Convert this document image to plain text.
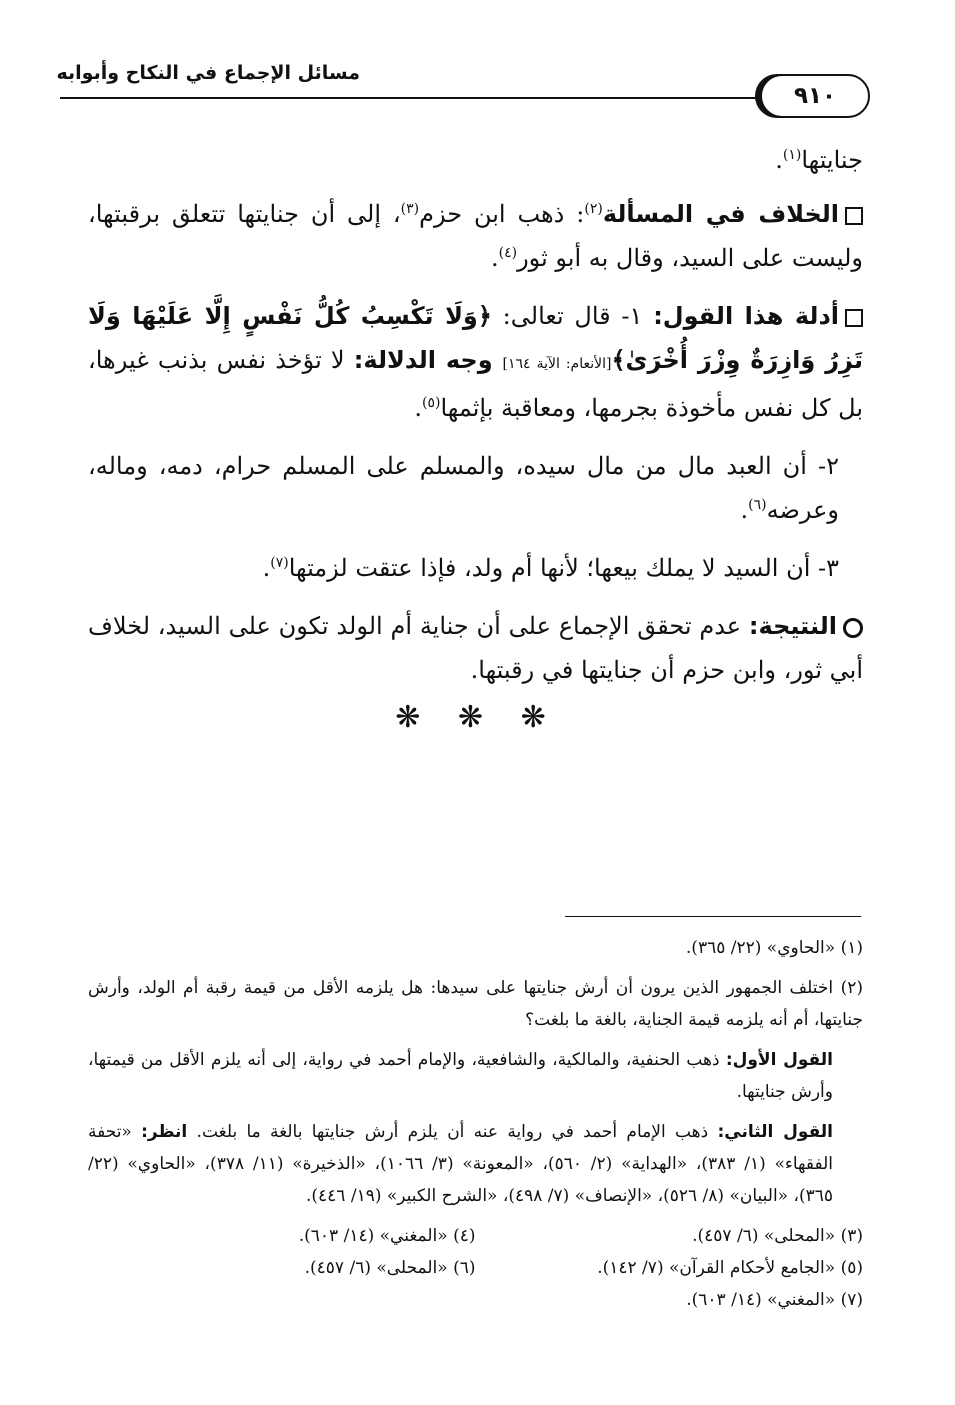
مسائل الإجماع في النكاح وأبوابه
٩١٠

جنايتها$^{(١)}$.

الخلاف في المسألة$^{(٢)}$: ذهب ابن حزم$^{(٣)}$، إلى أن جنايتها تتعلق برقبتها، وليست على السيد، وقال به أبو ثور$^{(٤)}$.

أدلة هذا القول: ١- قال تعالى: ﴿وَلَا تَكْسِبُ كُلُّ نَفْسٍ إِلَّا عَلَيْهَا وَلَا تَزِرُ وَازِرَةٌ وِزْرَ أُخْرَىٰ﴾[الأنعام: الآية ١٦٤] وجه الدلالة: لا تؤخذ نفس بذنب غيرها، بل كل نفس مأخوذة بجرمها، ومعاقبة بإثمها$^{(٥)}$.

٢- أن العبد مال من مال سيده، والمسلم على المسلم حرام، دمه، وماله، وعرضه$^{(٦)}$.

٣- أن السيد لا يملك بيعها؛ لأنها أم ولد، فإذا عتقت لزمتها$^{(٧)}$.

النتيجة: عدم تحقق الإجماع على أن جناية أم الولد تكون على السيد، لخلاف أبي ثور، وابن حزم أن جنايتها في رقبتها.

❋ ❋ ❋

(١) «الحاوي» (٢٢/ ٣٦٥).

(٢) اختلف الجمهور الذين يرون أن أرش جنايتها على سيدها: هل يلزمه الأقل من قيمة رقبة أم الولد، وأرش جنايتها، أم أنه يلزمه قيمة الجناية، بالغة ما بلغت؟

القول الأول: ذهب الحنفية، والمالكية، والشافعية، والإمام أحمد في رواية، إلى أنه يلزم الأقل من قيمتها، وأرش جنايتها.

القول الثاني: ذهب الإمام أحمد في رواية عنه أن يلزم أرش جنايتها بالغة ما بلغت. انظر: «تحفة الفقهاء» (١/ ٣٨٣)، «الهداية» (٢/ ٥٦٠)، «المعونة» (٣/ ١٠٦٦)، «الذخيرة» (١١/ ٣٧٨)، «الحاوي» (٢٢/ ٣٦٥)، «البيان» (٨/ ٥٢٦)، «الإنصاف» (٧/ ٤٩٨)، «الشرح الكبير» (١٩/ ٤٤٦).

(٣) «المحلى» (٦/ ٤٥٧).
(٤) «المغني» (١٤/ ٦٠٣).
(٥) «الجامع لأحكام القرآن» (٧/ ١٤٢).
(٦) «المحلى» (٦/ ٤٥٧).
(٧) «المغني» (١٤/ ٦٠٣).
